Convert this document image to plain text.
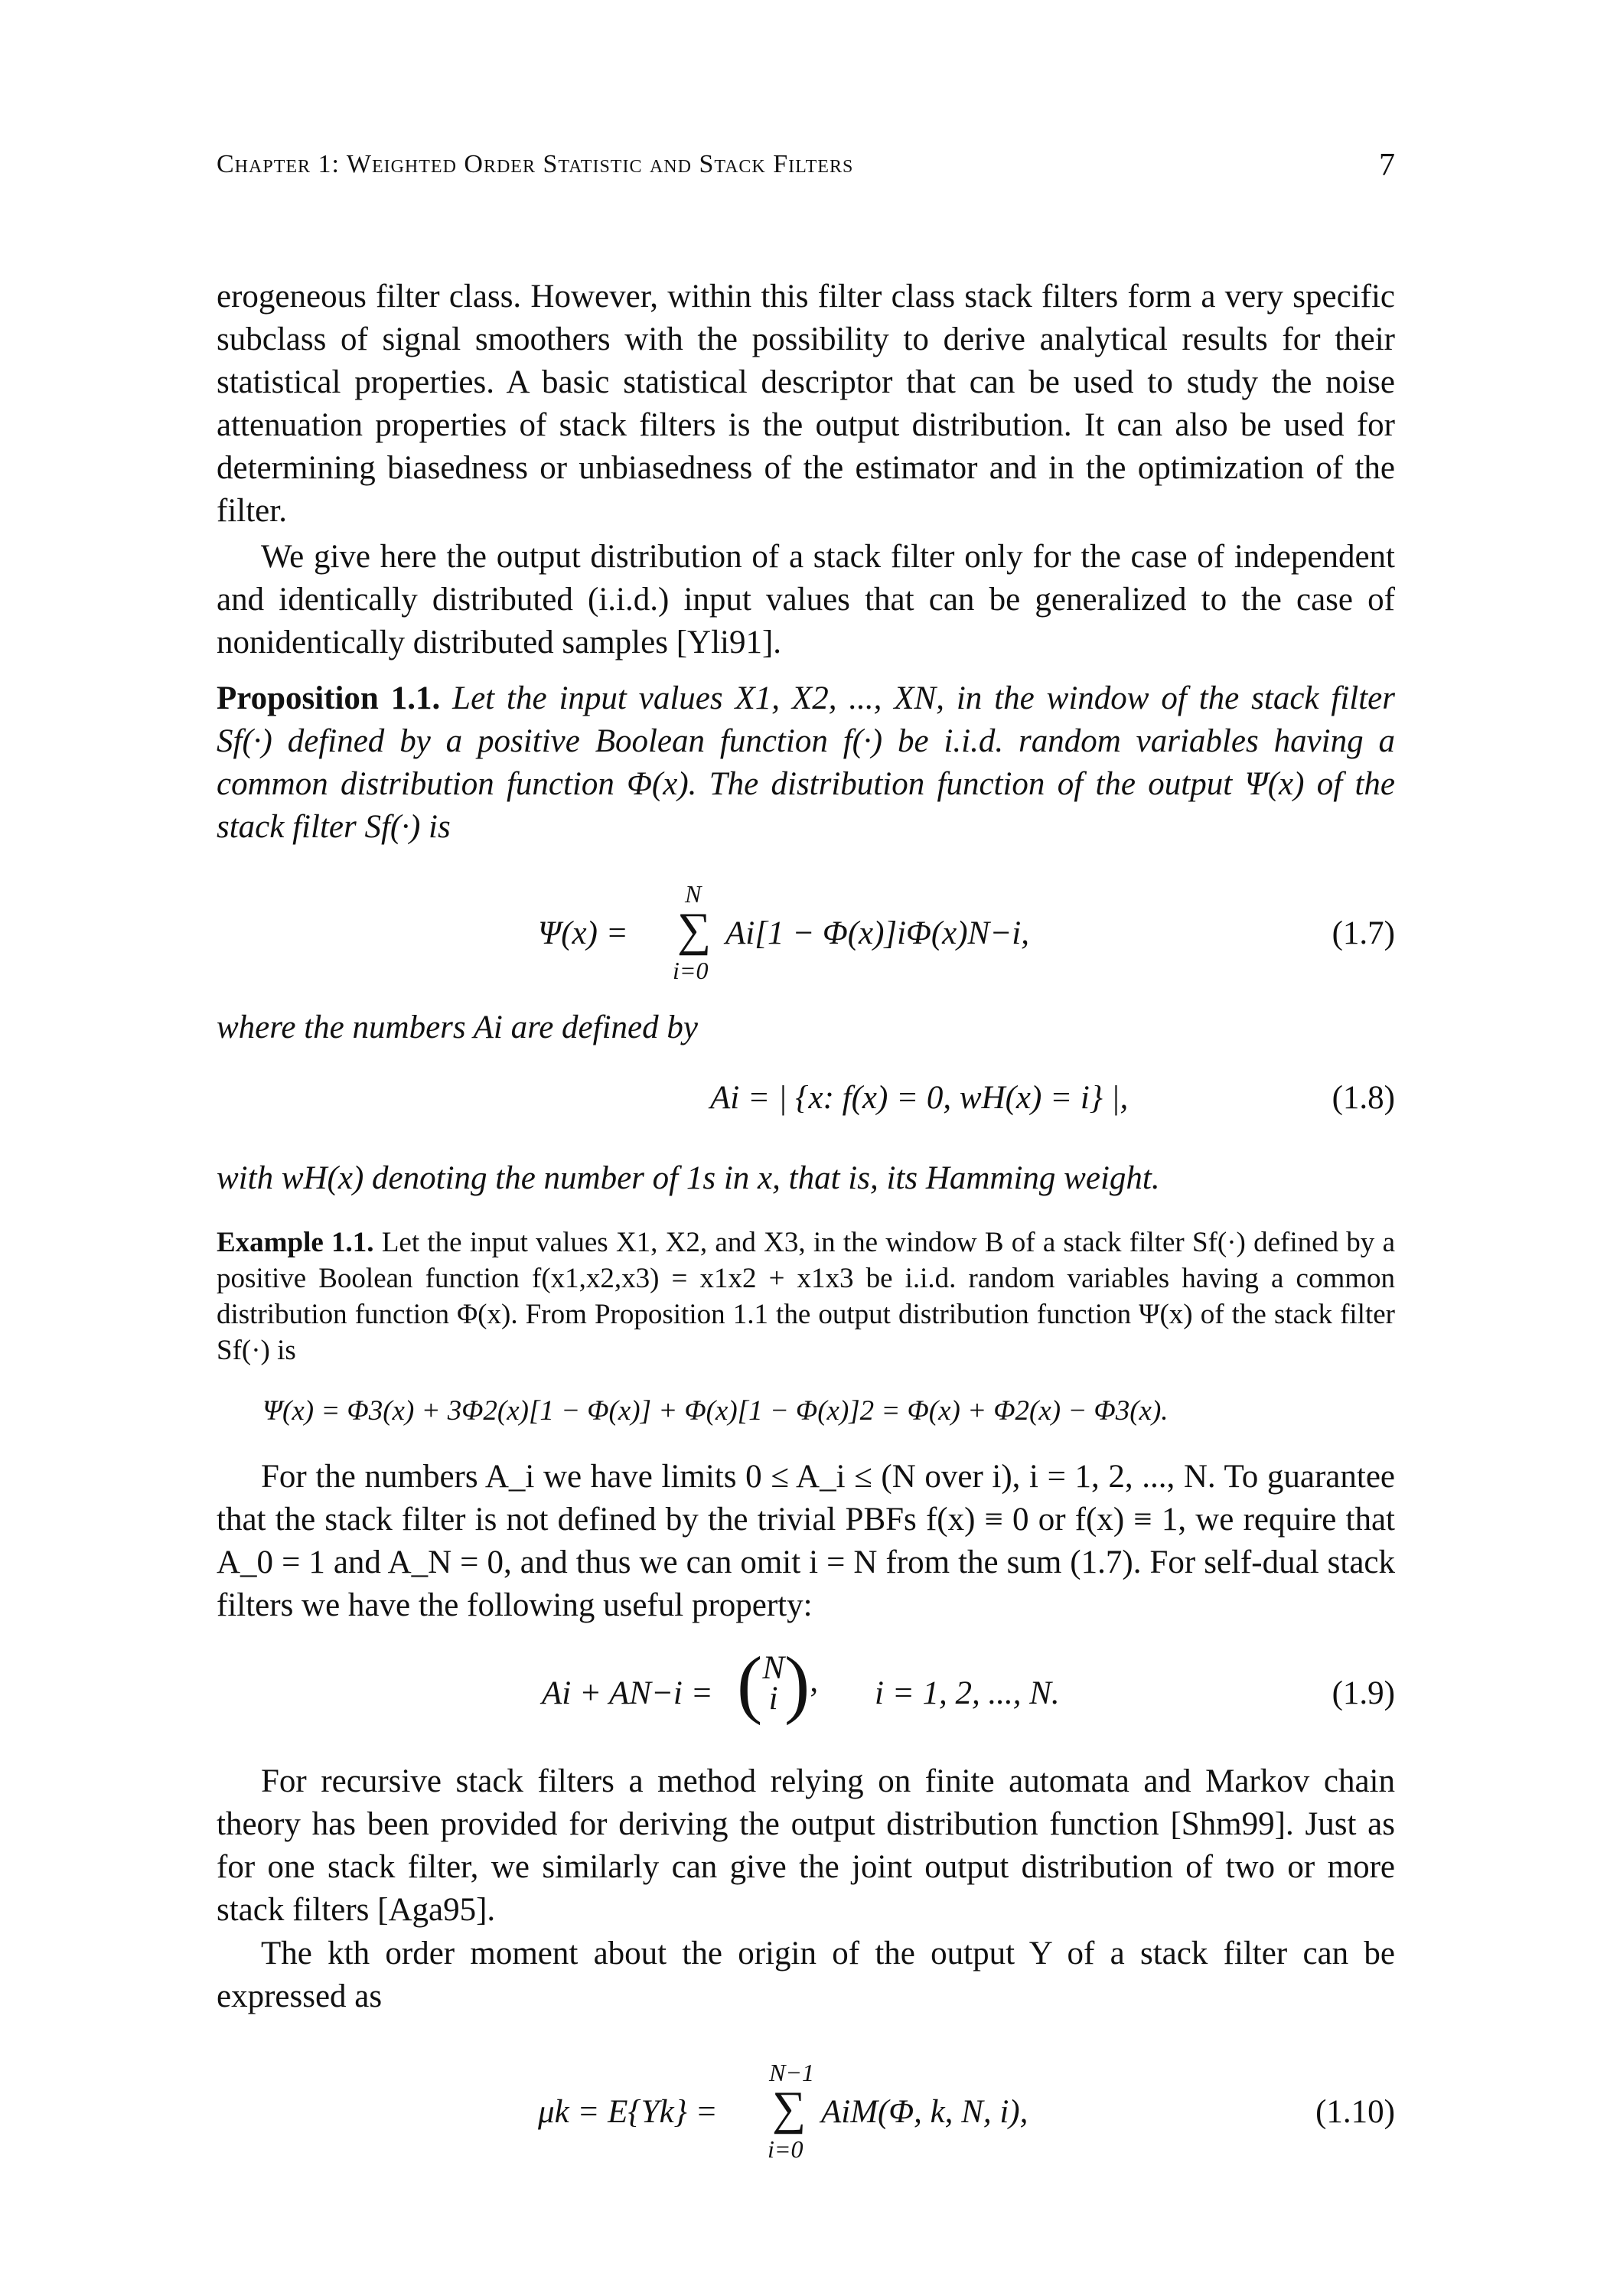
Chapter 1: Weighted Order Statistic and Stack Filters	7

erogeneous filter class. However, within this filter class stack filters form a very specific subclass of signal smoothers with the possibility to derive analytical results for their statistical properties. A basic statistical descriptor that can be used to study the noise attenuation properties of stack filters is the output distribution. It can also be used for determining biasedness or unbiasedness of the estimator and in the optimization of the filter.

We give here the output distribution of a stack filter only for the case of independent and identically distributed (i.i.d.) input values that can be generalized to the case of nonidentically distributed samples [Yli91].

Proposition 1.1. Let the input values X1, X2, ..., XN, in the window of the stack filter Sf(·) defined by a positive Boolean function f(·) be i.i.d. random variables having a common distribution function Φ(x). The distribution function of the output Ψ(x) of the stack filter Sf(·) is

Ψ(x) =
N
∑
i=0
Ai[1 − Φ(x)]iΦ(x)N−i,	(1.7)

where the numbers Ai are defined by

Ai = | {x: f(x) = 0, wH(x) = i} |,	(1.8)

with wH(x) denoting the number of 1s in x, that is, its Hamming weight.

Example 1.1. Let the input values X1, X2, and X3, in the window B of a stack filter Sf(·) defined by a positive Boolean function f(x1,x2,x3) = x1x2 + x1x3 be i.i.d. random variables having a common distribution function Φ(x). From Proposition 1.1 the output distribution function Ψ(x) of the stack filter Sf(·) is

Ψ(x) = Φ3(x) + 3Φ2(x)[1 − Φ(x)] + Φ(x)[1 − Φ(x)]2 = Φ(x) + Φ2(x) − Φ3(x).

For the numbers A_i we have limits 0 ≤ A_i ≤ (N over i), i = 1, 2, ..., N. To guarantee that the stack filter is not defined by the trivial PBFs f(x) ≡ 0 or f(x) ≡ 1, we require that A_0 = 1 and A_N = 0, and thus we can omit i = N from the sum (1.7). For self-dual stack filters we have the following useful property:

Ai + AN−i = ( N
i ), i = 1, 2, ..., N.	(1.9)

For recursive stack filters a method relying on finite automata and Markov chain theory has been provided for deriving the output distribution function [Shm99]. Just as for one stack filter, we similarly can give the joint output distribution of two or more stack filters [Aga95].

The kth order moment about the origin of the output Y of a stack filter can be expressed as

μk = E{Yk} =
N−1
∑
i=0
AiM(Φ, k, N, i),	(1.10)
